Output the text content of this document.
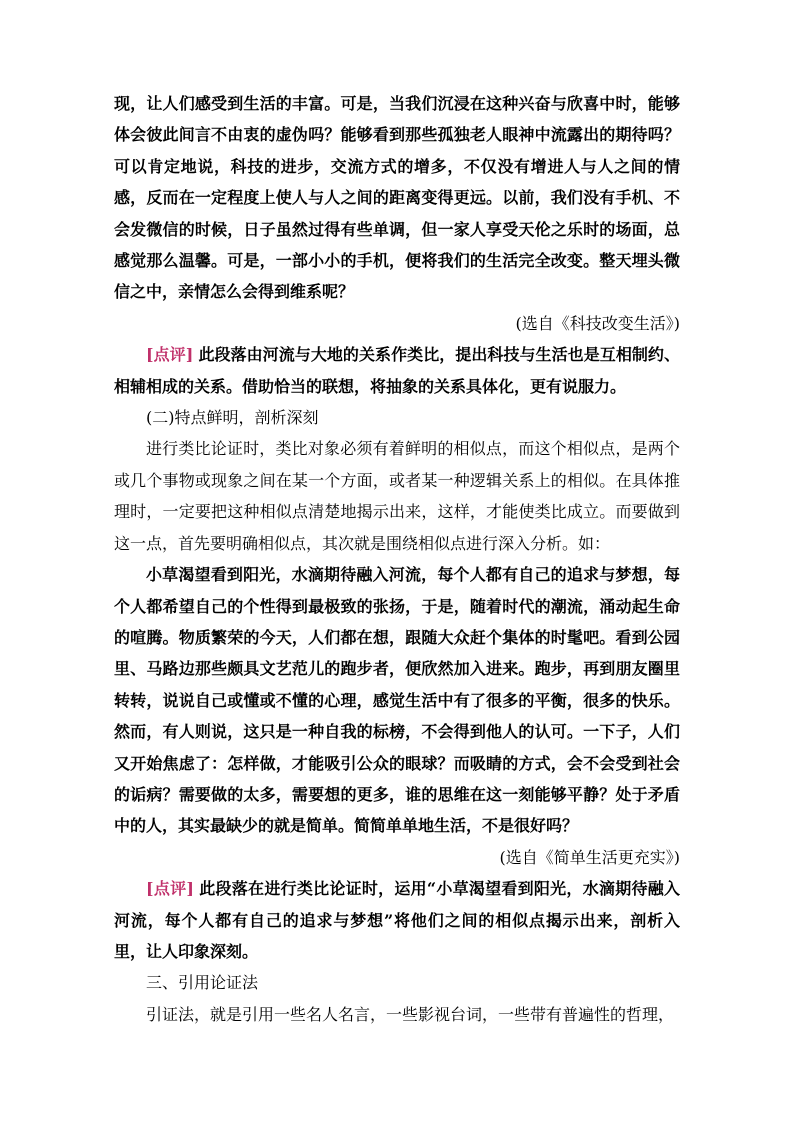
现，让人们感受到生活的丰富。可是，当我们沉浸在这种兴奋与欣喜中时，能够体会彼此间言不由衷的虚伪吗？能够看到那些孤独老人眼神中流露出的期待吗？可以肯定地说，科技的进步，交流方式的增多，不仅没有增进人与人之间的情感，反而在一定程度上使人与人之间的距离变得更远。以前，我们没有手机、不会发微信的时候，日子虽然过得有些单调，但一家人享受天伦之乐时的场面，总感觉那么温馨。可是，一部小小的手机，便将我们的生活完全改变。整天埋头微信之中，亲情怎么会得到维系呢？

(选自《科技改变生活》)

[点评] 此段落由河流与大地的关系作类比，提出科技与生活也是互相制约、相辅相成的关系。借助恰当的联想，将抽象的关系具体化，更有说服力。

(二)特点鲜明，剖析深刻

进行类比论证时，类比对象必须有着鲜明的相似点，而这个相似点，是两个或几个事物或现象之间在某一个方面，或者某一种逻辑关系上的相似。在具体推理时，一定要把这种相似点清楚地揭示出来，这样，才能使类比成立。而要做到这一点，首先要明确相似点，其次就是围绕相似点进行深入分析。如：

小草渴望看到阳光，水滴期待融入河流，每个人都有自己的追求与梦想，每个人都希望自己的个性得到最极致的张扬，于是，随着时代的潮流，涌动起生命的喧腾。物质繁荣的今天，人们都在想，跟随大众赶个集体的时髦吧。看到公园里、马路边那些颇具文艺范儿的跑步者，便欣然加入进来。跑步，再到朋友圈里转转，说说自己或懂或不懂的心理，感觉生活中有了很多的平衡，很多的快乐。然而，有人则说，这只是一种自我的标榜，不会得到他人的认可。一下子，人们又开始焦虑了：怎样做，才能吸引公众的眼球？而吸睛的方式，会不会受到社会的诟病？需要做的太多，需要想的更多，谁的思维在这一刻能够平静？处于矛盾中的人，其实最缺少的就是简单。简简单单地生活，不是很好吗？

(选自《简单生活更充实》)

[点评] 此段落在进行类比论证时，运用“小草渴望看到阳光，水滴期待融入河流，每个人都有自己的追求与梦想”将他们之间的相似点揭示出来，剖析入里，让人印象深刻。

三、引用论证法

引证法，就是引用一些名人名言，一些影视台词，一些带有普遍性的哲理，
